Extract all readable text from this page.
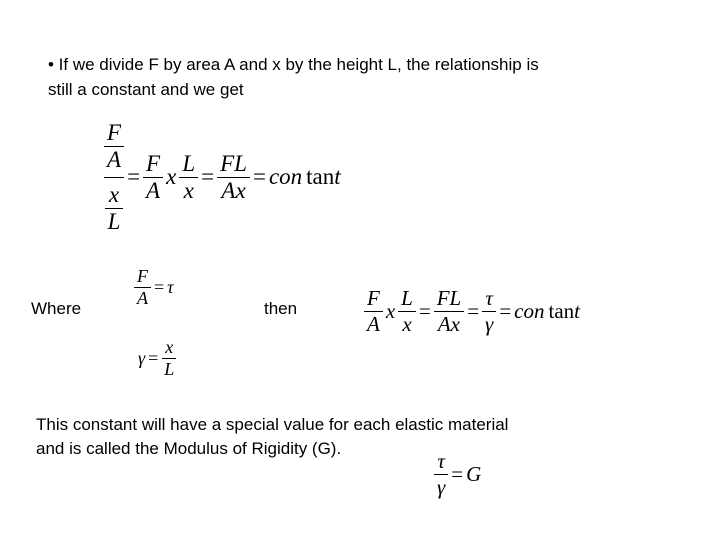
• If we divide F by area A and x by the height L, the relationship is
still a constant and we get
$\frac{F}{A}$
$\frac{x}{L}$
= $\frac{F}{A}$ x $\frac{L}{x} = \frac{FL}{Ax}$ = con tan t
Where	$\frac{F}{A} = \tau$
$\gamma = \frac{x}{L}$
then	$\frac{F}{A}$ x $\frac{L}{x} = \frac{FL}{Ax} = \frac{\tau}{\gamma}$ = con tan t
This constant will have a special value for each elastic material
and is called the Modulus of Rigidity (G).
$\frac{\tau}{\gamma} = G$
